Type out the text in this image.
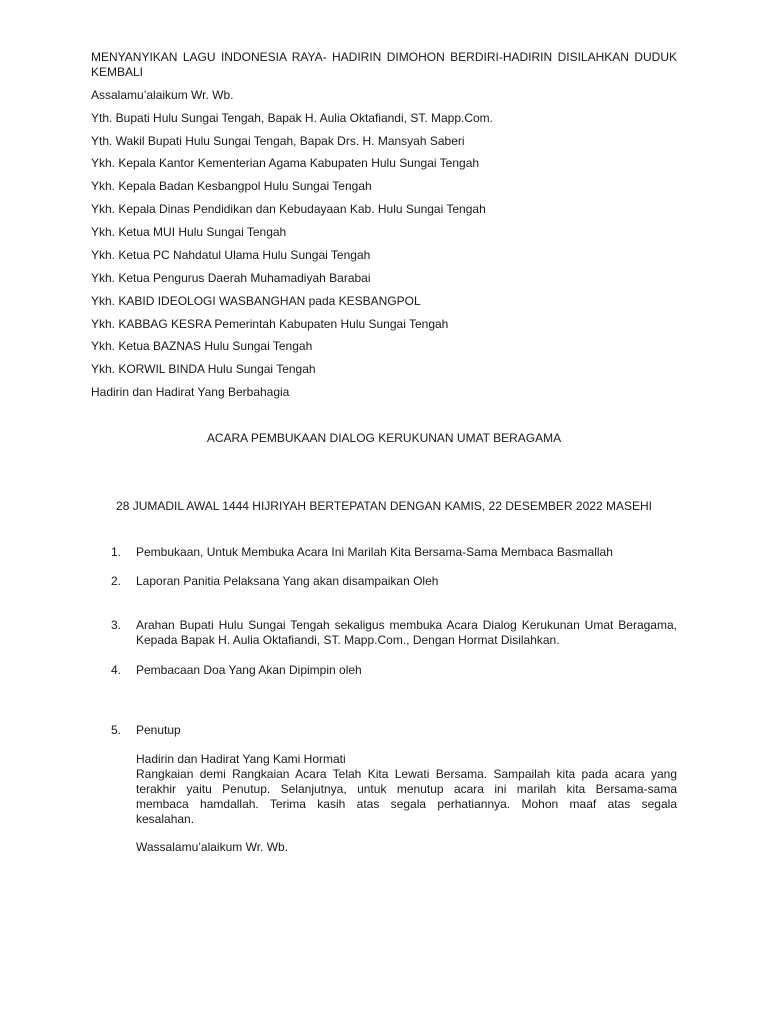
MENYANYIKAN LAGU INDONESIA RAYA- HADIRIN DIMOHON BERDIRI-HADIRIN DISILAHKAN DUDUK
KEMBALI
Assalamu’alaikum Wr. Wb.
Yth. Bupati Hulu Sungai Tengah, Bapak H. Aulia Oktafiandi, ST. Mapp.Com.
Yth. Wakil Bupati Hulu Sungai Tengah, Bapak Drs. H. Mansyah Saberi
Ykh. Kepala Kantor Kementerian Agama Kabupaten Hulu Sungai Tengah
Ykh. Kepala Badan Kesbangpol Hulu Sungai Tengah
Ykh. Kepala Dinas Pendidikan dan Kebudayaan Kab. Hulu Sungai Tengah
Ykh. Ketua MUI Hulu Sungai Tengah
Ykh. Ketua PC Nahdatul Ulama Hulu Sungai Tengah
Ykh. Ketua Pengurus Daerah Muhamadiyah Barabai
Ykh. KABID IDEOLOGI WASBANGHAN pada KESBANGPOL
Ykh. KABBAG KESRA Pemerintah Kabupaten Hulu Sungai Tengah
Ykh. Ketua BAZNAS Hulu Sungai Tengah
Ykh. KORWIL BINDA Hulu Sungai Tengah
Hadirin dan Hadirat Yang Berbahagia
ACARA PEMBUKAAN DIALOG KERUKUNAN UMAT BERAGAMA
28 JUMADIL AWAL 1444 HIJRIYAH BERTEPATAN DENGAN KAMIS, 22 DESEMBER 2022 MASEHI
1. Pembukaan, Untuk Membuka Acara Ini Marilah Kita Bersama-Sama Membaca Basmallah
2. Laporan Panitia Pelaksana Yang akan disampaikan Oleh
3. Arahan Bupati Hulu Sungai Tengah sekaligus membuka Acara Dialog Kerukunan Umat Beragama,
Kepada Bapak H. Aulia Oktafiandi, ST. Mapp.Com., Dengan Hormat Disilahkan.
4. Pembacaan Doa Yang Akan Dipimpin oleh
5. Penutup
Hadirin dan Hadirat Yang Kami Hormati
Rangkaian demi Rangkaian Acara Telah Kita Lewati Bersama. Sampailah kita pada acara yang
terakhir yaitu Penutup. Selanjutnya, untuk menutup acara ini marilah kita Bersama-sama
membaca hamdallah. Terima kasih atas segala perhatiannya. Mohon maaf atas segala
kesalahan.
Wassalamu’alaikum Wr. Wb.
